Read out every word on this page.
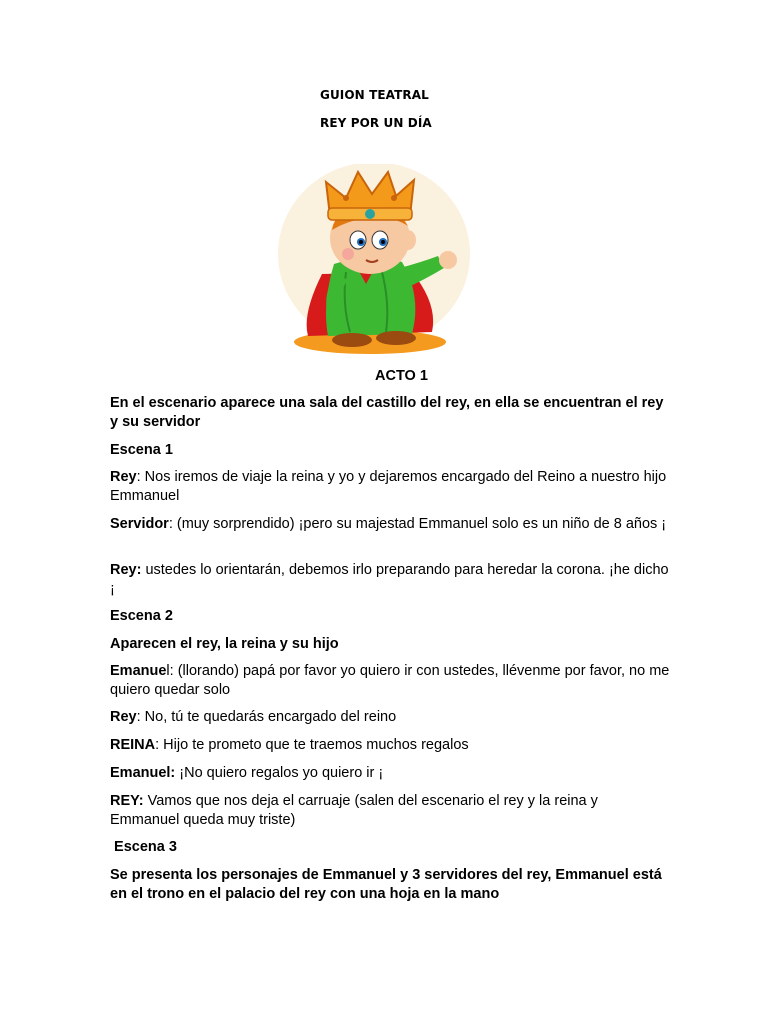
GUION TEATRAL
REY POR UN DÍA
ACTO 1
En el escenario aparece una sala del castillo del rey, en ella se encuentran el rey y su servidor
Escena 1
Rey: Nos iremos de viaje la reina y yo y dejaremos encargado del Reino a nuestro hijo Emmanuel
Servidor: (muy sorprendido) ¡pero su majestad Emmanuel solo es un niño de 8 años ¡
Rey: ustedes lo orientarán, debemos irlo preparando para heredar la corona. ¡he dicho ¡
Escena 2
Aparecen el rey, la reina y su hijo
Emanuel: (llorando) papá por favor yo quiero ir con ustedes, llévenme por favor, no me quiero quedar solo
Rey: No, tú te quedarás encargado del reino
REINA: Hijo te prometo que te traemos muchos regalos
Emanuel: ¡No quiero regalos yo quiero ir ¡
REY: Vamos que nos deja el carruaje (salen del escenario el rey y la reina y Emmanuel queda muy triste)
Escena 3
Se presenta los personajes de Emmanuel y 3 servidores del rey, Emmanuel está en el trono en el palacio del rey con una hoja en la mano
